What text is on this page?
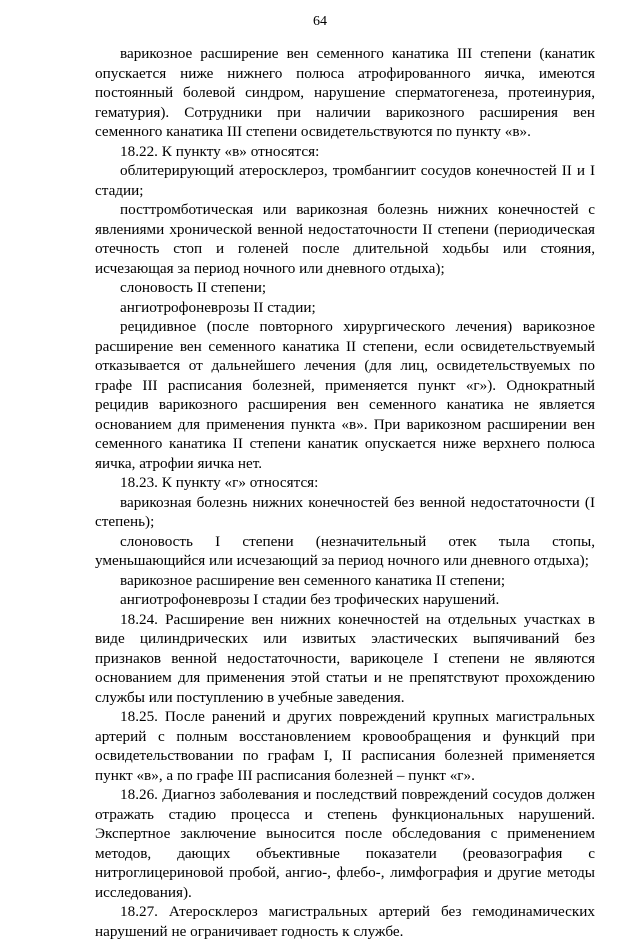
64

варикозное расширение вен семенного канатика III степени (канатик опускается ниже нижнего полюса атрофированного яичка, имеются постоянный болевой синдром, нарушение сперматогенеза, протеинурия, гематурия). Сотрудники при наличии варикозного расширения вен семенного канатика III степени освидетельствуются по пункту «в».

18.22. К пункту «в» относятся:

облитерирующий атеросклероз, тромбангиит сосудов конечностей II и I стадии;

посттромботическая или варикозная болезнь нижних конечностей с явлениями хронической венной недостаточности II степени (периодическая отечность стоп и голеней после длительной ходьбы или стояния, исчезающая за период ночного или дневного отдыха);

слоновость II степени;

ангиотрофоневрозы II стадии;

рецидивное (после повторного хирургического лечения) варикозное расширение вен семенного канатика II степени, если освидетельствуемый отказывается от дальнейшего лечения (для лиц, освидетельствуемых по графе III расписания болезней, применяется пункт «г»). Однократный рецидив варикозного расширения вен семенного канатика не является основанием для применения пункта «в». При варикозном расширении вен семенного канатика II степени канатик опускается ниже верхнего полюса яичка, атрофии яичка нет.

18.23. К пункту «г» относятся:

варикозная болезнь нижних конечностей без венной недостаточности (I степень);

слоновость I степени (незначительный отек тыла стопы, уменьшающийся или исчезающий за период ночного или дневного отдыха);

варикозное расширение вен семенного канатика II степени;

ангиотрофоневрозы I стадии без трофических нарушений.

18.24. Расширение вен нижних конечностей на отдельных участках в виде цилиндрических или извитых эластических выпячиваний без признаков венной недостаточности, варикоцеле I степени не являются основанием для применения этой статьи и не препятствуют прохождению службы или поступлению в учебные заведения.

18.25. После ранений и других повреждений крупных магистральных артерий с полным восстановлением кровообращения и функций при освидетельствовании по графам I, II расписания болезней применяется пункт «в», а по графе III расписания болезней – пункт «г».

18.26. Диагноз заболевания и последствий повреждений сосудов должен отражать стадию процесса и степень функциональных нарушений. Экспертное заключение выносится после обследования с применением методов, дающих объективные показатели (реовазография с нитроглицериновой пробой, ангио-, флебо-, лимфография и другие методы исследования).

18.27. Атеросклероз магистральных артерий без гемодинамических нарушений не ограничивает годность к службе.
